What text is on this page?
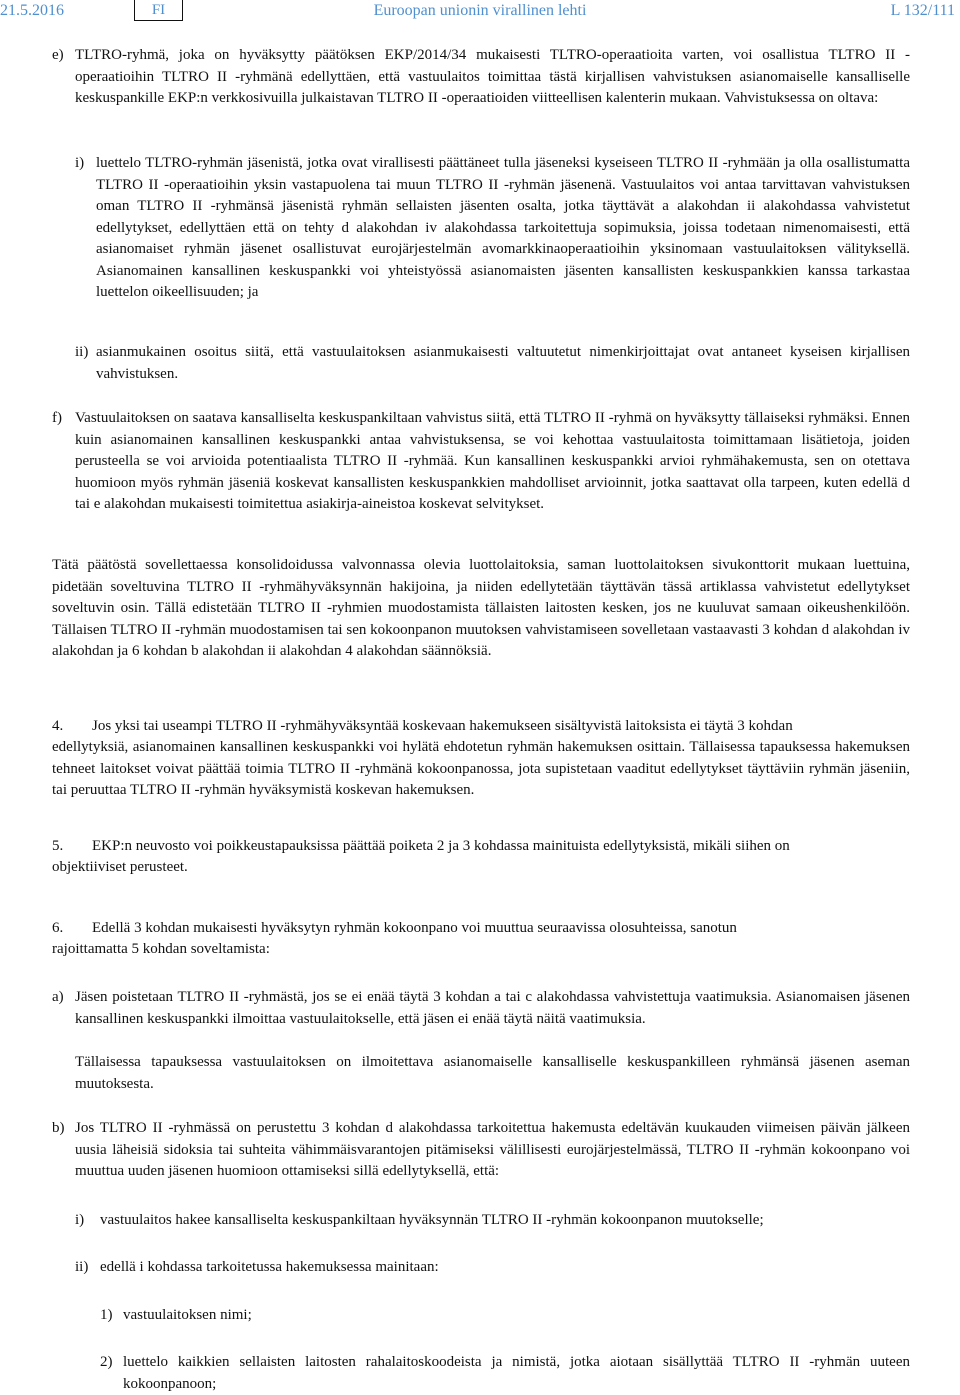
21.5.2016	FI	Euroopan unionin virallinen lehti	L 132/111
e) TLTRO-ryhmä, joka on hyväksytty päätöksen EKP/2014/34 mukaisesti TLTRO-operaatioita varten, voi osallistua TLTRO II -operaatioihin TLTRO II -ryhmänä edellyttäen, että vastuulaitos toimittaa tästä kirjallisen vahvistuksen asianomaiselle kansalliselle keskuspankille EKP:n verkkosivuilla julkaistavan TLTRO II -operaatioiden viitteellisen kalenterin mukaan. Vahvistuksessa on oltava:

i) luettelo TLTRO-ryhmän jäsenistä, jotka ovat virallisesti päättäneet tulla jäseneksi kyseiseen TLTRO II -ryhmään ja olla osallistumatta TLTRO II -operaatioihin yksin vastapuolena tai muun TLTRO II -ryhmän jäsenenä. Vastuulaitos voi antaa tarvittavan vahvistuksen oman TLTRO II -ryhmänsä jäsenistä ryhmän sellaisten jäsenten osalta, jotka täyttävät a alakohdan ii alakohdassa vahvistetut edellytykset, edellyttäen että on tehty d alakohdan iv alakohdassa tarkoitettuja sopimuksia, joissa todetaan nimenomaisesti, että asianomaiset ryhmän jäsenet osallistuvat eurojärjestelmän avomarkkinaoperaatioihin yksinomaan vastuulaitoksen välityksellä. Asianomainen kansallinen keskuspankki voi yhteistyössä asianomaisten jäsenten kansallisten keskuspankkien kanssa tarkastaa luettelon oikeellisuuden; ja

ii) asianmukainen osoitus siitä, että vastuulaitoksen asianmukaisesti valtuutetut nimenkirjoittajat ovat antaneet kyseisen kirjallisen vahvistuksen.

f) Vastuulaitoksen on saatava kansalliselta keskuspankiltaan vahvistus siitä, että TLTRO II -ryhmä on hyväksytty tällaiseksi ryhmäksi. Ennen kuin asianomainen kansallinen keskuspankki antaa vahvistuksensa, se voi kehottaa vastuulaitosta toimittamaan lisätietoja, joiden perusteella se voi arvioida potentiaalista TLTRO II -ryhmää. Kun kansallinen keskuspankki arvioi ryhmähakemusta, sen on otettava huomioon myös ryhmän jäseniä koskevat kansallisten keskuspankkien mahdolliset arvioinnit, jotka saattavat olla tarpeen, kuten edellä d tai e alakohdan mukaisesti toimitettua asiakirja-aineistoa koskevat selvitykset.

Tätä päätöstä sovellettaessa konsolidoidussa valvonnassa olevia luottolaitoksia, saman luottolaitoksen sivukonttorit mukaan luettuina, pidetään soveltuvina TLTRO II -ryhmähyväksynnän hakijoina, ja niiden edellytetään täyttävän tässä artiklassa vahvistetut edellytykset soveltuvin osin. Tällä edistetään TLTRO II -ryhmien muodostamista tällaisten laitosten kesken, jos ne kuuluvat samaan oikeushenkilöön. Tällaisen TLTRO II -ryhmän muodostamisen tai sen kokoonpanon muutoksen vahvistamiseen sovelletaan vastaavasti 3 kohdan d alakohdan iv alakohdan ja 6 kohdan b alakohdan ii alakohdan 4 alakohdan säännöksiä.

4. Jos yksi tai useampi TLTRO II -ryhmähyväksyntää koskevaan hakemukseen sisältyvistä laitoksista ei täytä 3 kohdan

edellytyksiä, asianomainen kansallinen keskuspankki voi hylätä ehdotetun ryhmän hakemuksen osittain. Tällaisessa tapauksessa hakemuksen tehneet laitokset voivat päättää toimia TLTRO II -ryhmänä kokoonpanossa, jota supistetaan vaaditut edellytykset täyttäviin ryhmän jäseniin, tai peruuttaa TLTRO II -ryhmän hyväksymistä koskevan hakemuksen.

5. EKP:n neuvosto voi poikkeustapauksissa päättää poiketa 2 ja 3 kohdassa mainituista edellytyksistä, mikäli siihen on

objektiiviset perusteet.

6. Edellä 3 kohdan mukaisesti hyväksytyn ryhmän kokoonpano voi muuttua seuraavissa olosuhteissa, sanotun

rajoittamatta 5 kohdan soveltamista:

a) Jäsen poistetaan TLTRO II -ryhmästä, jos se ei enää täytä 3 kohdan a tai c alakohdassa vahvistettuja vaatimuksia. Asianomaisen jäsenen kansallinen keskuspankki ilmoittaa vastuulaitokselle, että jäsen ei enää täytä näitä vaatimuksia.

Tällaisessa tapauksessa vastuulaitoksen on ilmoitettava asianomaiselle kansalliselle keskuspankilleen ryhmänsä jäsenen aseman muutoksesta.

b) Jos TLTRO II -ryhmässä on perustettu 3 kohdan d alakohdassa tarkoitettua hakemusta edeltävän kuukauden viimeisen päivän jälkeen uusia läheisiä sidoksia tai suhteita vähimmäisvarantojen pitämiseksi välillisesti eurojärjestelmässä, TLTRO II -ryhmän kokoonpano voi muuttua uuden jäsenen huomioon ottamiseksi sillä edellytyksellä, että:

i) vastuulaitos hakee kansalliselta keskuspankiltaan hyväksynnän TLTRO II -ryhmän kokoonpanon muutokselle;

ii) edellä i kohdassa tarkoitetussa hakemuksessa mainitaan:

1) vastuulaitoksen nimi;

2) luettelo kaikkien sellaisten laitosten rahalaitoskoodeista ja nimistä, jotka aiotaan sisällyttää TLTRO II -ryhmän uuteen kokoonpanoon;
